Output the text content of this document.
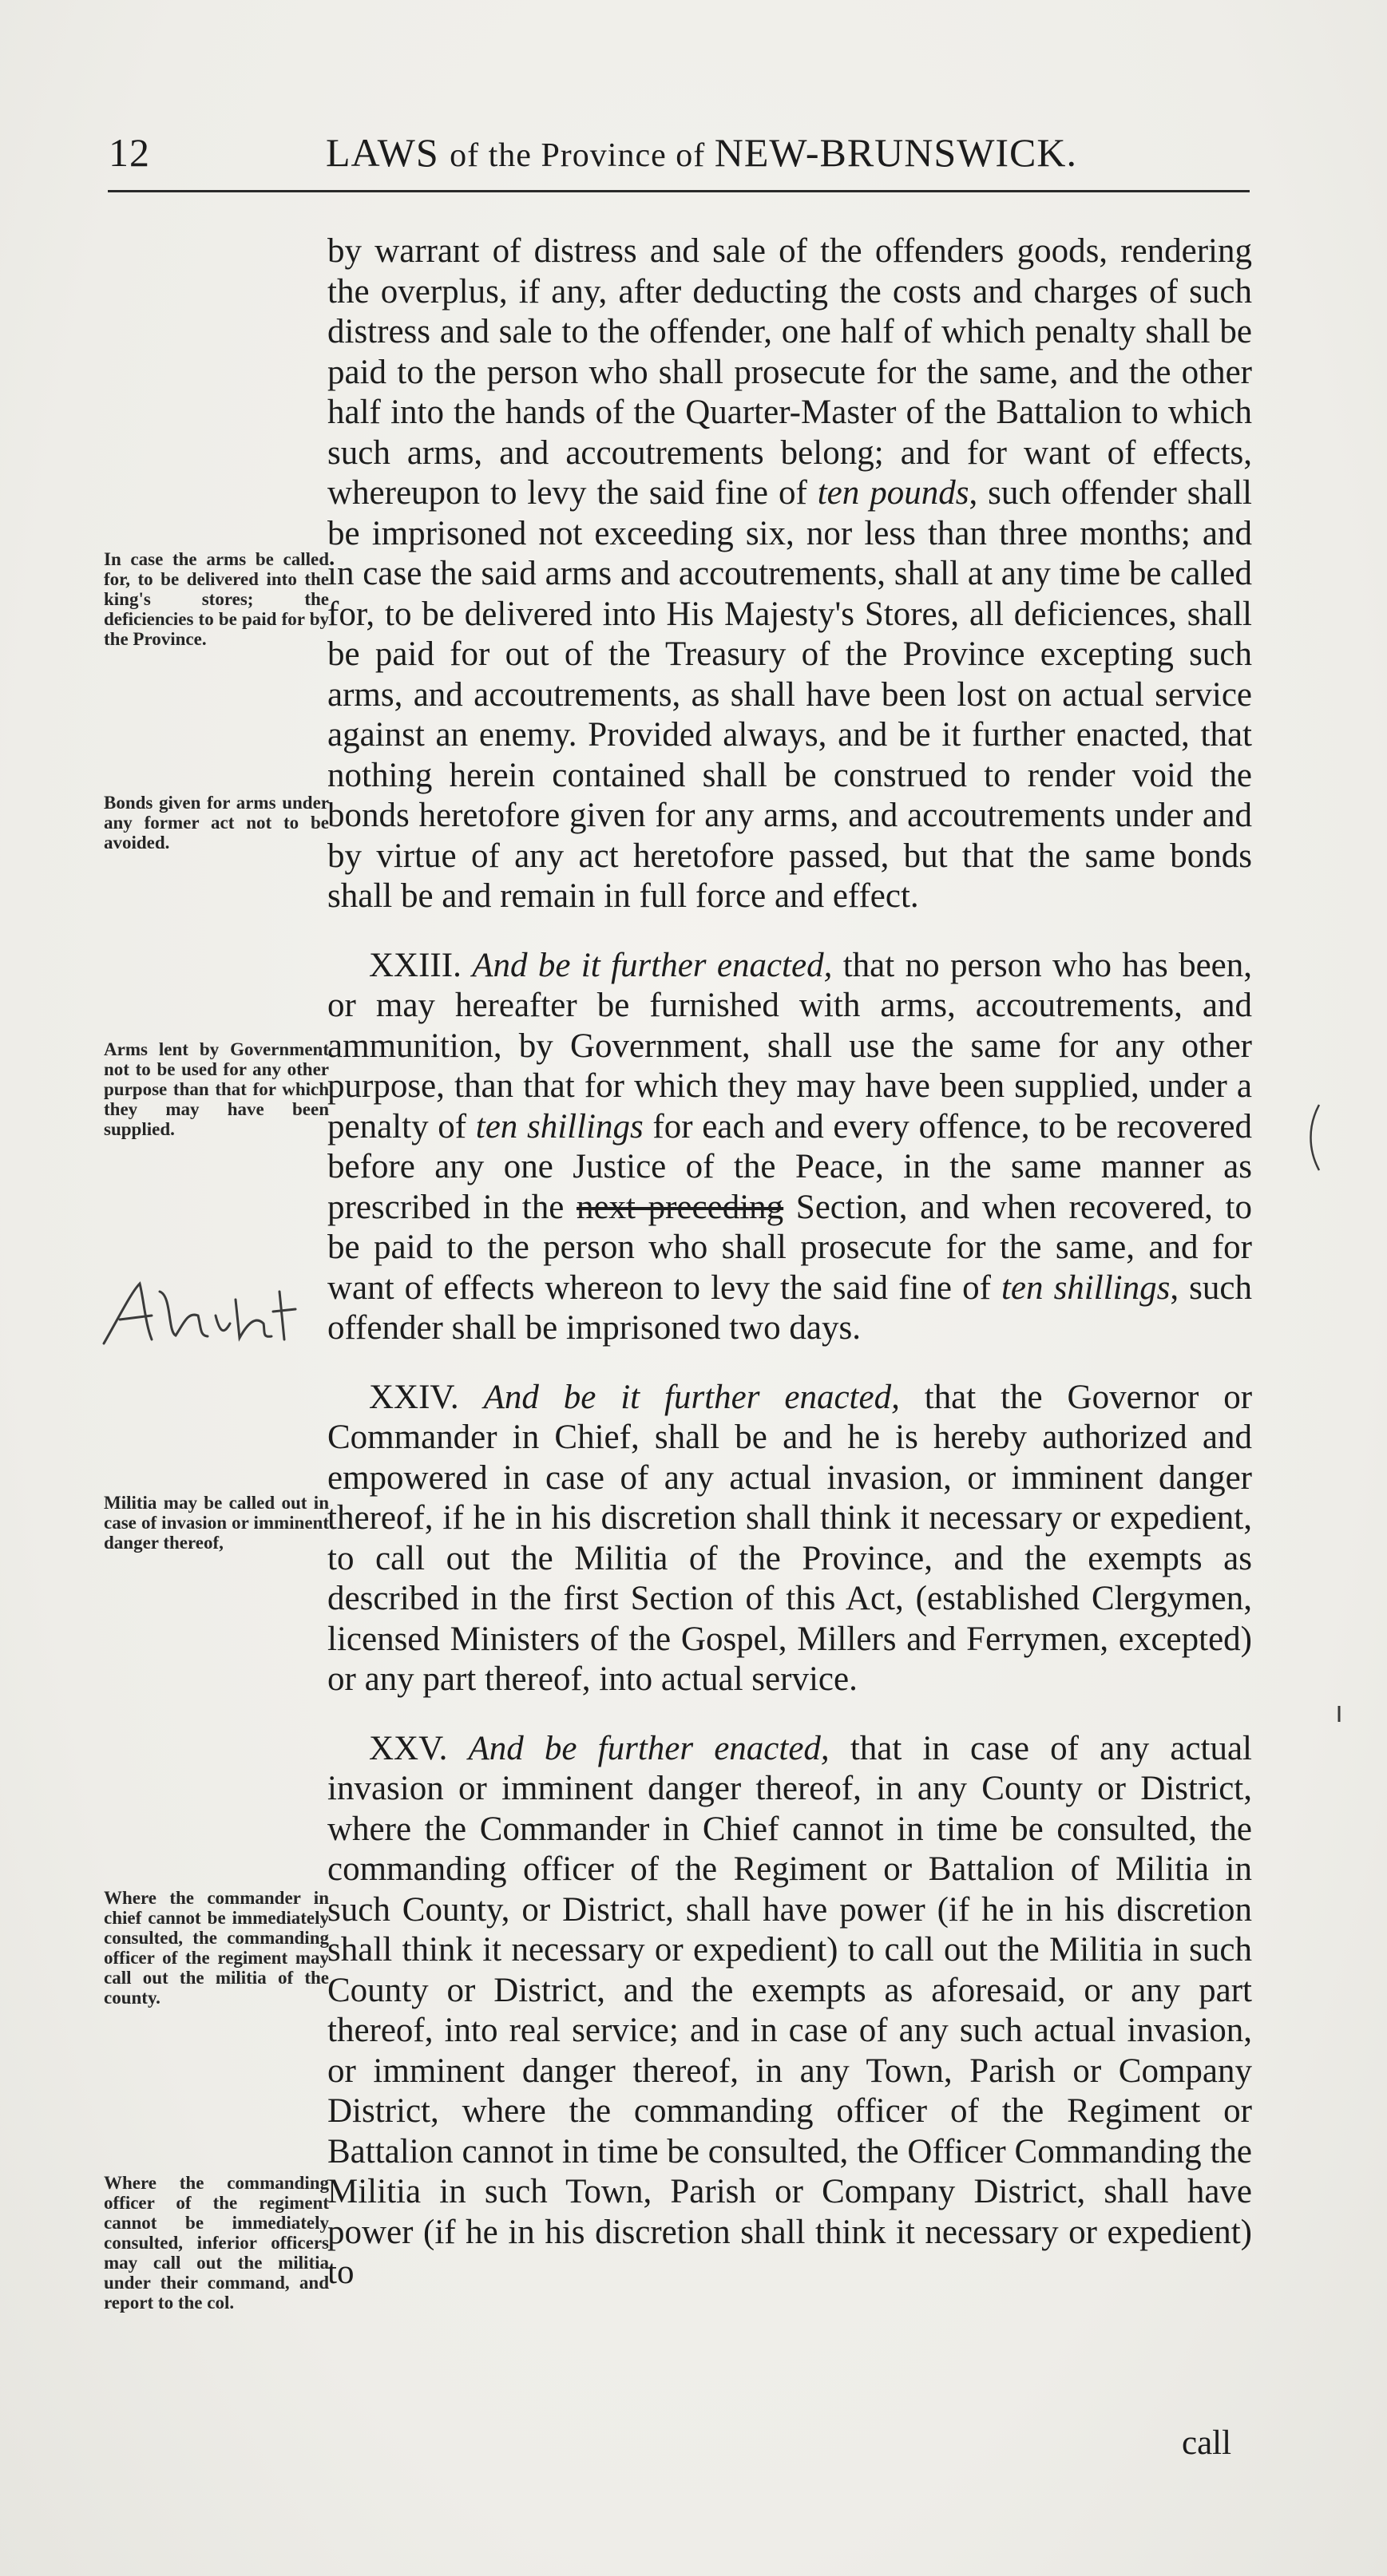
12	LAWS of the Province of NEW-BRUNSWICK.
In case the arms be called for, to be delivered into the king's stores; the deficiencies to be paid for by the Province.
Bonds given for arms under any former act not to be avoided.
Arms lent by Government not to be used for any other purpose than that for which they may have been supplied.
Militia may be called out in case of invasion or imminent danger thereof,
Where the commander in chief cannot be immediately consulted, the commanding officer of the regiment may call out the militia of the county.
Where the commanding officer of the regiment cannot be immediately consulted, inferior officers may call out the militia under their command, and report to the col.

by warrant of distress and sale of the offenders goods, rendering the overplus, if any, after deducting the costs and charges of such distress and sale to the offender, one half of which penalty shall be paid to the person who shall prosecute for the same, and the other half into the hands of the Quarter-Master of the Battalion to which such arms, and accoutrements belong; and for want of effects, whereupon to levy the said fine of ten pounds, such offender shall be imprisoned not exceeding six, nor less than three months; and in case the said arms and accoutrements, shall at any time be called for, to be delivered into His Majesty's Stores, all deficiences, shall be paid for out of the Treasury of the Province excepting such arms, and accoutrements, as shall have been lost on actual service against an enemy. Provided always, and be it further enacted, that nothing herein contained shall be construed to render void the bonds heretofore given for any arms, and accoutrements under and by virtue of any act heretofore passed, but that the same bonds shall be and remain in full force and effect.

XXIII. And be it further enacted, that no person who has been, or may hereafter be furnished with arms, accoutrements, and ammunition, by Government, shall use the same for any other purpose, than that for which they may have been supplied, under a penalty of ten shillings for each and every offence, to be recovered before any one Justice of the Peace, in the same manner as prescribed in the next preceding Section, and when recovered, to be paid to the person who shall prosecute for the same, and for want of effects whereon to levy the said fine of ten shillings, such offender shall be imprisoned two days.

XXIV. And be it further enacted, that the Governor or Commander in Chief, shall be and he is hereby authorized and empowered in case of any actual invasion, or imminent danger thereof, if he in his discretion shall think it necessary or expedient, to call out the Militia of the Province, and the exempts as described in the first Section of this Act, (established Clergymen, licensed Ministers of the Gospel, Millers and Ferrymen, excepted) or any part thereof, into actual service.

XXV. And be further enacted, that in case of any actual invasion or imminent danger thereof, in any County or District, where the Commander in Chief cannot in time be consulted, the commanding officer of the Regiment or Battalion of Militia in such County, or District, shall have power (if he in his discretion shall think it necessary or expedient) to call out the Militia in such County or District, and the exempts as aforesaid, or any part thereof, into real service; and in case of any such actual invasion, or imminent danger thereof, in any Town, Parish or Company District, where the commanding officer of the Regiment or Battalion cannot in time be consulted, the Officer Commanding the Militia in such Town, Parish or Company District, shall have power (if he in his discretion shall think it necessary or expedient) to

call
